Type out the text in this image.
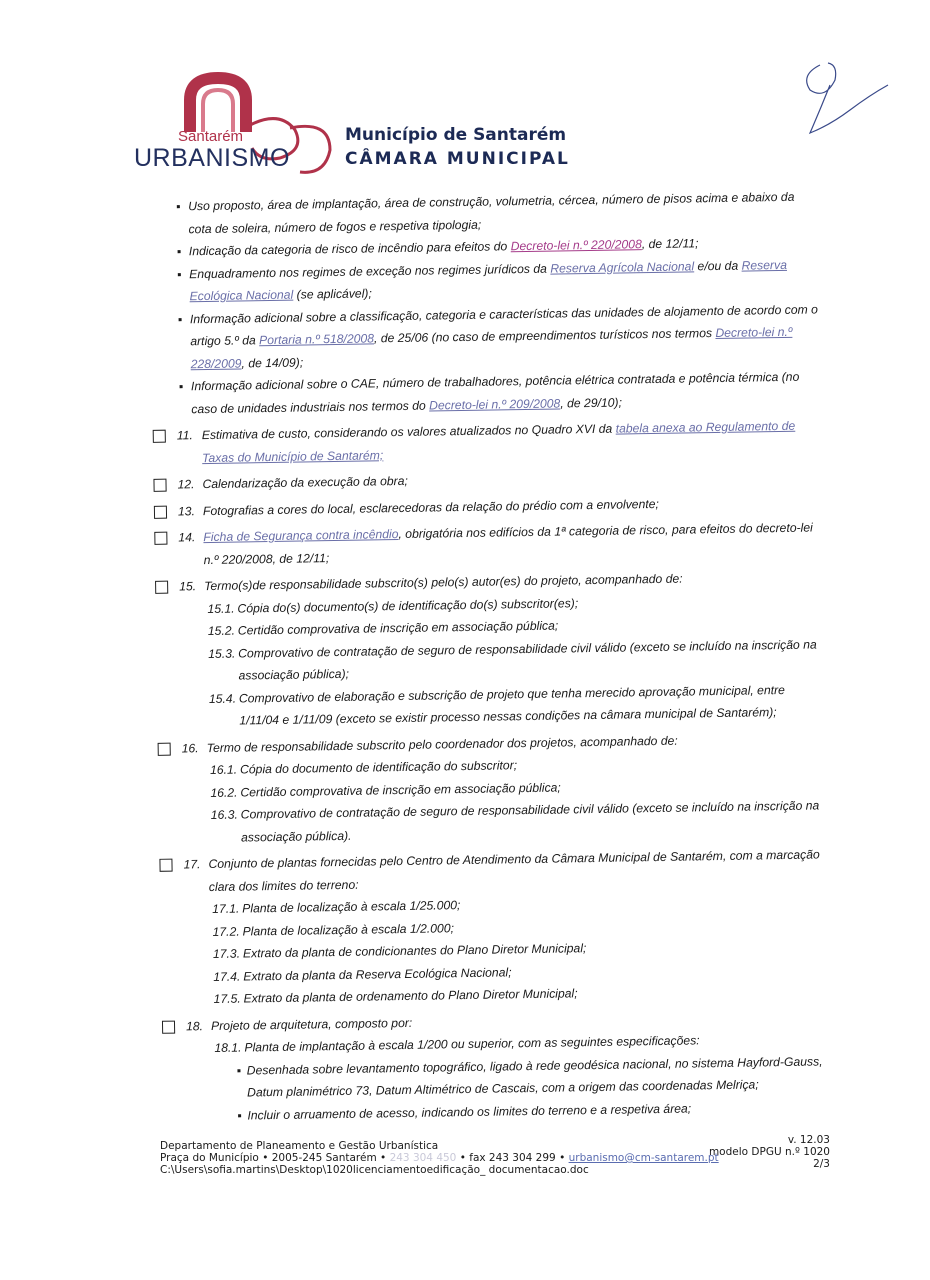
Santarém
URBANISMO
Município de Santarém
CÂMARA MUNICIPAL
▪ Uso proposto, área de implantação, área de construção, volumetria, cércea, número de pisos acima e abaixo da cota de soleira, número de fogos e respetiva tipologia;
▪ Indicação da categoria de risco de incêndio para efeitos do Decreto-lei n.º 220/2008, de 12/11;
▪ Enquadramento nos regimes de exceção nos regimes jurídicos da Reserva Agrícola Nacional e/ou da Reserva Ecológica Nacional (se aplicável);
▪ Informação adicional sobre a classificação, categoria e características das unidades de alojamento de acordo com o artigo 5.º da Portaria n.º 518/2008, de 25/06 (no caso de empreendimentos turísticos nos termos Decreto-lei n.º 228/2009, de 14/09);
▪ Informação adicional sobre o CAE, número de trabalhadores, potência elétrica contratada e potência térmica (no caso de unidades industriais nos termos do Decreto-lei n.º 209/2008, de 29/10);
11. Estimativa de custo, considerando os valores atualizados no Quadro XVI da tabela anexa ao Regulamento de Taxas do Município de Santarém;
12. Calendarização da execução da obra;
13. Fotografias a cores do local, esclarecedoras da relação do prédio com a envolvente;
14. Ficha de Segurança contra incêndio, obrigatória nos edifícios da 1ª categoria de risco, para efeitos do decreto-lei n.º 220/2008, de 12/11;
15. Termo(s)de responsabilidade subscrito(s) pelo(s) autor(es) do projeto, acompanhado de:
15.1. Cópia do(s) documento(s) de identificação do(s) subscritor(es);
15.2. Certidão comprovativa de inscrição em associação pública;
15.3. Comprovativo de contratação de seguro de responsabilidade civil válido (exceto se incluído na inscrição na associação pública);
15.4. Comprovativo de elaboração e subscrição de projeto que tenha merecido aprovação municipal, entre 1/11/04 e 1/11/09 (exceto se existir processo nessas condições na câmara municipal de Santarém);
16. Termo de responsabilidade subscrito pelo coordenador dos projetos, acompanhado de:
16.1. Cópia do documento de identificação do subscritor;
16.2. Certidão comprovativa de inscrição em associação pública;
16.3. Comprovativo de contratação de seguro de responsabilidade civil válido (exceto se incluído na inscrição na associação pública).
17. Conjunto de plantas fornecidas pelo Centro de Atendimento da Câmara Municipal de Santarém, com a marcação clara dos limites do terreno:
17.1. Planta de localização à escala 1/25.000;
17.2. Planta de localização à escala 1/2.000;
17.3. Extrato da planta de condicionantes do Plano Diretor Municipal;
17.4. Extrato da planta da Reserva Ecológica Nacional;
17.5. Extrato da planta de ordenamento do Plano Diretor Municipal;
18. Projeto de arquitetura, composto por:
18.1. Planta de implantação à escala 1/200 ou superior, com as seguintes especificações:
▪ Desenhada sobre levantamento topográfico, ligado à rede geodésica nacional, no sistema Hayford-Gauss, Datum planimétrico 73, Datum Altimétrico de Cascais, com a origem das coordenadas Melriça;
▪ Incluir o arruamento de acesso, indicando os limites do terreno e a respetiva área;
Departamento de Planeamento e Gestão Urbanística
Praça do Município • 2005-245 Santarém • 243 304 450 • fax 243 304 299 • urbanismo@cm-santarem.pt
C:\Users\sofia.martins\Desktop\1020licenciamentoedificação_ documentacao.doc
v. 12.03
modelo DPGU n.º 1020
2/3
